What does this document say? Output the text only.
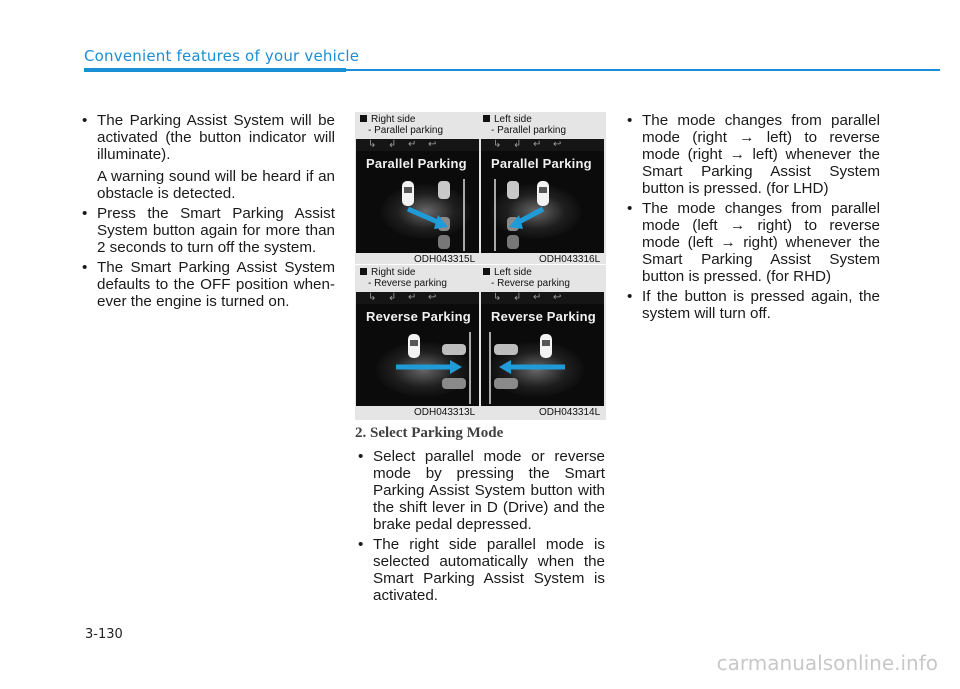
Convenient features of your vehicle
• The Parking Assist System will be activated (the button indicator will illuminate).
A warning sound will be heard if an obstacle is detected.
• Press the Smart Parking Assist System button again for more than 2 seconds to turn off the system.
• The Smart Parking Assist System defaults to the OFF position when-ever the engine is turned on.
Right side
- Parallel parking
Left side
- Parallel parking
↳ ↲ ↵ ↩
Parallel Parking
↳ ↲ ↵ ↩
Parallel Parking
ODH043315L	ODH043316L
Right side
- Reverse parking
Left side
- Reverse parking
↳ ↲ ↵ ↩
Reverse Parking
↳ ↲ ↵ ↩
Reverse Parking
ODH043313L	ODH043314L
2. Select Parking Mode
• Select parallel mode or reverse mode by pressing the Smart Parking Assist System button with the shift lever in D (Drive) and the brake pedal depressed.
• The right side parallel mode is selected automatically when the Smart Parking Assist System is activated.
• The mode changes from parallel mode (right → left) to reverse mode (right → left) whenever the Smart Parking Assist System button is pressed. (for LHD)
• The mode changes from parallel mode (left → right) to reverse mode (left → right) whenever the Smart Parking Assist System button is pressed. (for RHD)
• If the button is pressed again, the system will turn off.
3-130
carmanualsonline.info
